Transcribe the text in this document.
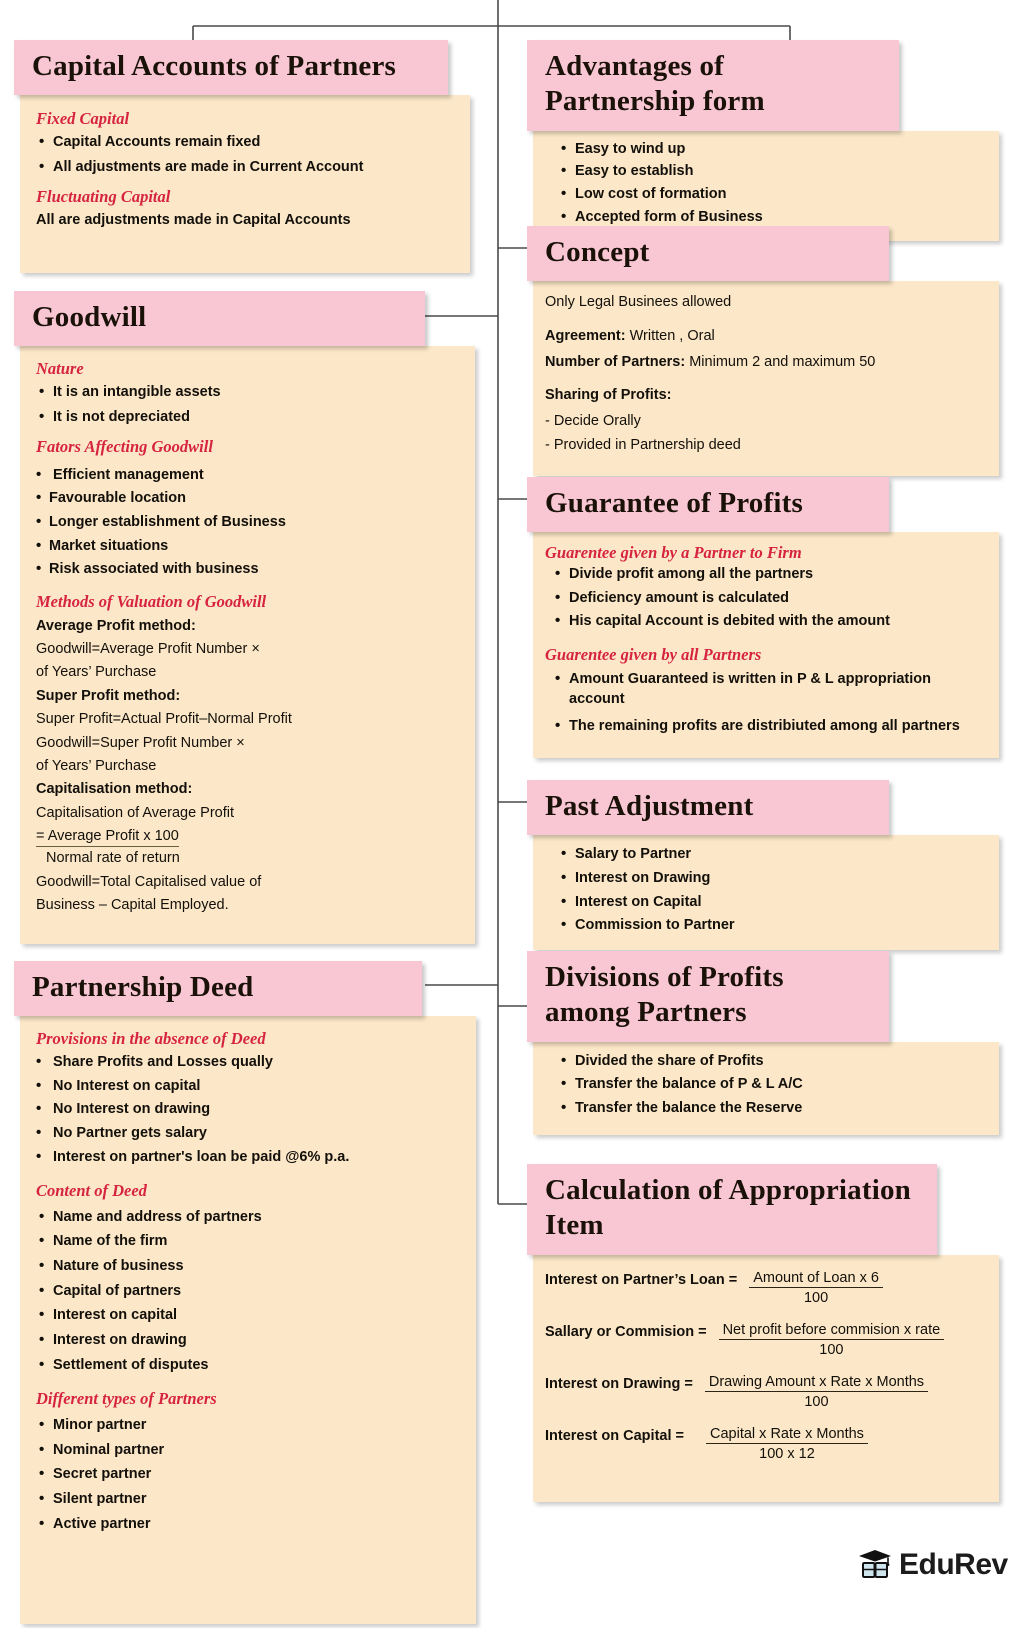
Capital Accounts of Partners
Fixed Capital
• Capital Accounts remain fixed
• All adjustments are made in Current Account
Fluctuating Capital

All are adjustments made in Capital Accounts

Goodwill
Nature
• It is an intangible assets
• It is not depreciated
Fators Affecting Goodwill
• Efficient management
• Favourable location
• Longer establishment of Business
• Market situations
• Risk associated with business
Methods of Valuation of Goodwill
Average Profit method:
Goodwill=Average Profit Number ×
of Years’ Purchase
Super Profit method:
Super Profit=Actual Profit–Normal Profit
Goodwill=Super Profit Number ×
of Years’ Purchase
Capitalisation method:
Capitalisation of Average Profit
= Average Profit x 100
Normal rate of return
Goodwill=Total Capitalised value of
Business – Capital Employed.
Partnership Deed
Provisions in the absence of Deed
• Share Profits and Losses qually
• No Interest on capital
• No Interest on drawing
• No Partner gets salary
• Interest on partner's loan be paid @6% p.a.
Content of Deed
• Name and address of partners
• Name of the firm
• Nature of business
• Capital of partners
• Interest on capital
• Interest on drawing
• Settlement of disputes
Different types of Partners
• Minor partner
• Nominal partner
• Secret partner
• Silent partner
• Active partner
Advantages of Partnership form
• Easy to wind up
• Easy to establish
• Low cost of formation
• Accepted form of Business
Concept

Only Legal Businees allowed

Agreement: Written , Oral

Number of Partners: Minimum 2 and maximum 50

Sharing of Profits:

- Decide Orally

- Provided in Partnership deed

Guarantee of Profits
Guarentee given by a Partner to Firm
• Divide profit among all the partners
• Deficiency amount is calculated
• His capital Account is debited with the amount
Guarentee given by all Partners
• Amount Guaranteed is written in P & L appropriation account
• The remaining profits are distribiuted among all partners
Past Adjustment
• Salary to Partner
• Interest on Drawing
• Interest on Capital
• Commission to Partner
Divisions of Profits among Partners
• Divided the share of Profits
• Transfer the balance of P & L A/C
• Transfer the balance the Reserve
Calculation of Appropriation Item
Interest on Partner’s Loan = Amount of Loan x 6
100
Sallary or Commision = Net profit before commision x rate
100
Interest on Drawing = Drawing Amount x Rate x Months
100
Interest on Capital = Capital x Rate x Months
100 x 12
EduRev
